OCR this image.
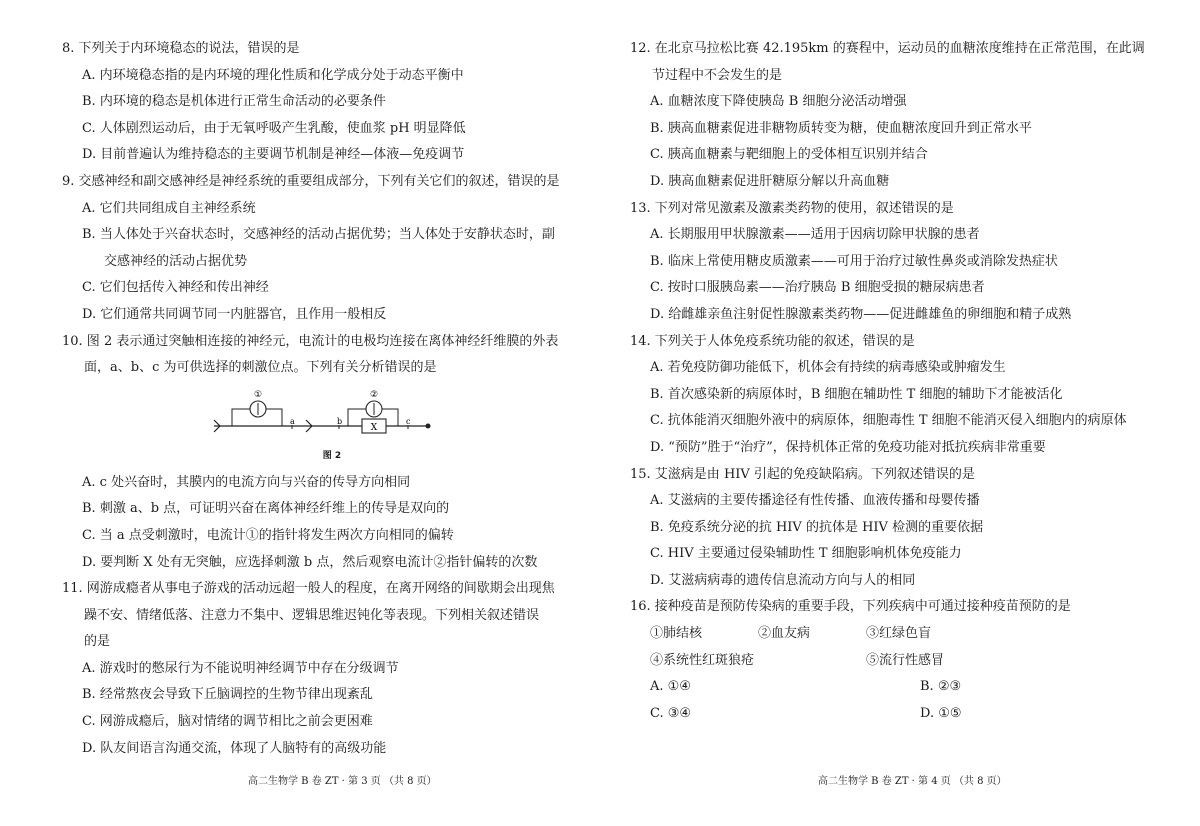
8. 下列关于内环境稳态的说法，错误的是
A. 内环境稳态指的是内环境的理化性质和化学成分处于动态平衡中
B. 内环境的稳态是机体进行正常生命活动的必要条件
C. 人体剧烈运动后，由于无氧呼吸产生乳酸，使血浆 pH 明显降低
D. 目前普遍认为维持稳态的主要调节机制是神经—体液—免疫调节
9. 交感神经和副交感神经是神经系统的重要组成部分，下列有关它们的叙述，错误的是
A. 它们共同组成自主神经系统
B. 当人体处于兴奋状态时，交感神经的活动占据优势；当人体处于安静状态时，副
交感神经的活动占据优势
C. 它们包括传入神经和传出神经
D. 它们通常共同调节同一内脏器官，且作用一般相反
10. 图 2 表示通过突触相连接的神经元，电流计的电极均连接在离体神经纤维膜的外表
面，a、b、c 为可供选择的刺激位点。下列有关分析错误的是
①
a
②
X
b	c
图 2
A. c 处兴奋时，其膜内的电流方向与兴奋的传导方向相同
B. 刺激 a、b 点，可证明兴奋在离体神经纤维上的传导是双向的
C. 当 a 点受刺激时，电流计①的指针将发生两次方向相同的偏转
D. 要判断 X 处有无突触，应选择刺激 b 点，然后观察电流计②指针偏转的次数
11. 网游成瘾者从事电子游戏的活动远超一般人的程度，在离开网络的间歇期会出现焦
躁不安、情绪低落、注意力不集中、逻辑思维迟钝化等表现。下列相关叙述错误
的是
A. 游戏时的憋尿行为不能说明神经调节中存在分级调节
B. 经常熬夜会导致下丘脑调控的生物节律出现紊乱
C. 网游成瘾后，脑对情绪的调节相比之前会更困难
D. 队友间语言沟通交流，体现了人脑特有的高级功能
高二生物学 B 卷 ZT · 第 3 页 （共 8 页）
12. 在北京马拉松比赛 42.195km 的赛程中，运动员的血糖浓度维持在正常范围，在此调
节过程中不会发生的是
A. 血糖浓度下降使胰岛 B 细胞分泌活动增强
B. 胰高血糖素促进非糖物质转变为糖，使血糖浓度回升到正常水平
C. 胰高血糖素与靶细胞上的受体相互识别并结合
D. 胰高血糖素促进肝糖原分解以升高血糖
13. 下列对常见激素及激素类药物的使用，叙述错误的是
A. 长期服用甲状腺激素——适用于因病切除甲状腺的患者
B. 临床上常使用糖皮质激素——可用于治疗过敏性鼻炎或消除发热症状
C. 按时口服胰岛素——治疗胰岛 B 细胞受损的糖尿病患者
D. 给雌雄亲鱼注射促性腺激素类药物——促进雌雄鱼的卵细胞和精子成熟
14. 下列关于人体免疫系统功能的叙述，错误的是
A. 若免疫防御功能低下，机体会有持续的病毒感染或肿瘤发生
B. 首次感染新的病原体时，B 细胞在辅助性 T 细胞的辅助下才能被活化
C. 抗体能消灭细胞外液中的病原体，细胞毒性 T 细胞不能消灭侵入细胞内的病原体
D. “预防”胜于“治疗”，保持机体正常的免疫功能对抵抗疾病非常重要
15. 艾滋病是由 HIV 引起的免疫缺陷病。下列叙述错误的是
A. 艾滋病的主要传播途径有性传播、血液传播和母婴传播
B. 免疫系统分泌的抗 HIV 的抗体是 HIV 检测的重要依据
C. HIV 主要通过侵染辅助性 T 细胞影响机体免疫能力
D. 艾滋病病毒的遗传信息流动方向与人的相同
16. 接种疫苗是预防传染病的重要手段，下列疾病中可通过接种疫苗预防的是
①肺结核	②血友病	③红绿色盲
④系统性红斑狼疮	⑤流行性感冒
A. ①④	B. ②③
C. ③④	D. ①⑤
高二生物学 B 卷 ZT · 第 4 页 （共 8 页）
